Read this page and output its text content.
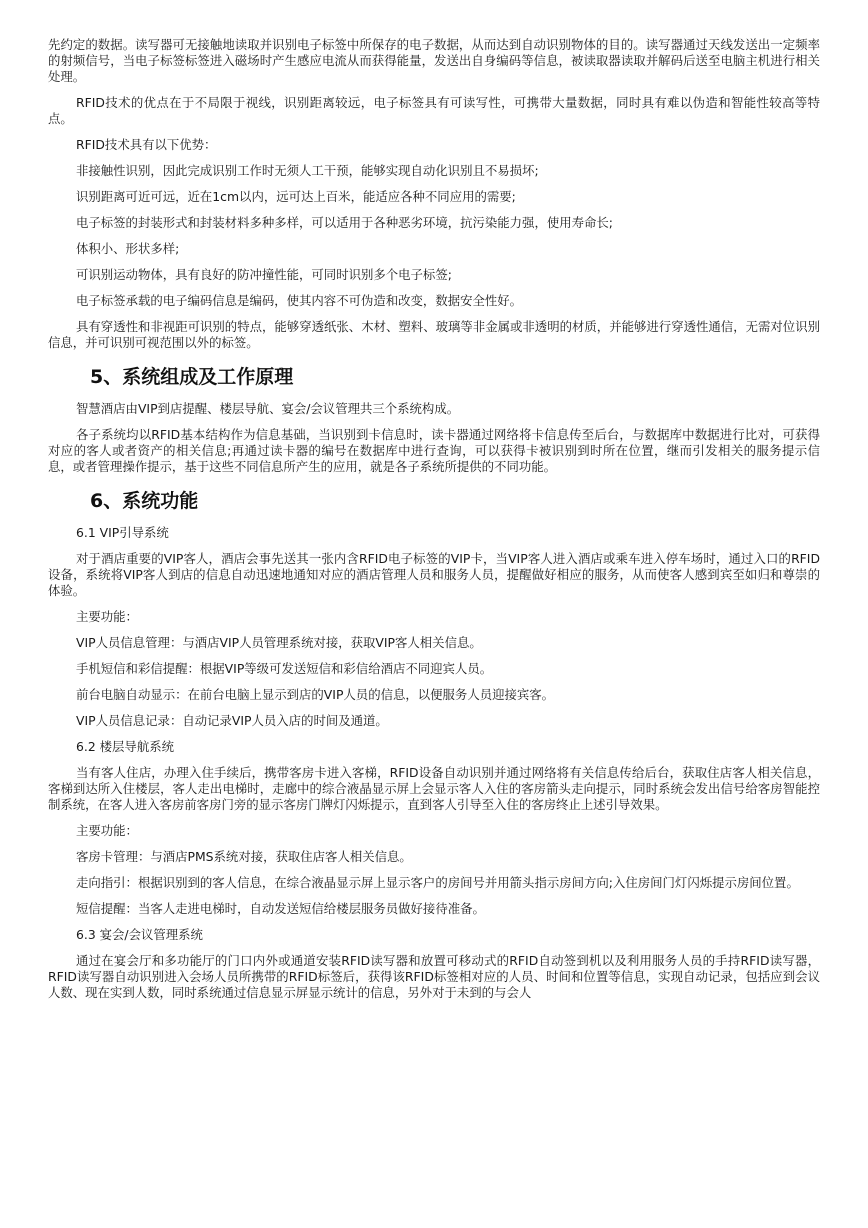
先约定的数据。读写器可无接触地读取并识别电子标签中所保存的电子数据，从而达到自动识别物体的目的。读写器通过天线发送出一定频率的射频信号，当电子标签标签进入磁场时产生感应电流从而获得能量，发送出自身编码等信息，被读取器读取并解码后送至电脑主机进行相关处理。

RFID技术的优点在于不局限于视线，识别距离较远，电子标签具有可读写性，可携带大量数据，同时具有难以伪造和智能性较高等特点。

RFID技术具有以下优势：

非接触性识别，因此完成识别工作时无须人工干预，能够实现自动化识别且不易损坏;

识别距离可近可远，近在1cm以内，远可达上百米，能适应各种不同应用的需要;

电子标签的封装形式和封装材料多种多样，可以适用于各种恶劣环境，抗污染能力强，使用寿命长;

体积小、形状多样;

可识别运动物体，具有良好的防冲撞性能，可同时识别多个电子标签;

电子标签承载的电子编码信息是编码，使其内容不可伪造和改变，数据安全性好。

具有穿透性和非视距可识别的特点，能够穿透纸张、木材、塑料、玻璃等非金属或非透明的材质，并能够进行穿透性通信，无需对位识别信息，并可识别可视范围以外的标签。

5、系统组成及工作原理

智慧酒店由VIP到店提醒、楼层导航、宴会/会议管理共三个系统构成。

各子系统均以RFID基本结构作为信息基础，当识别到卡信息时，读卡器通过网络将卡信息传至后台，与数据库中数据进行比对，可获得对应的客人或者资产的相关信息;再通过读卡器的编号在数据库中进行查询，可以获得卡被识别到时所在位置，继而引发相关的服务提示信息，或者管理操作提示，基于这些不同信息所产生的应用，就是各子系统所提供的不同功能。

6、系统功能

6.1 VIP引导系统

对于酒店重要的VIP客人，酒店会事先送其一张内含RFID电子标签的VIP卡，当VIP客人进入酒店或乘车进入停车场时，通过入口的RFID设备，系统将VIP客人到店的信息自动迅速地通知对应的酒店管理人员和服务人员，提醒做好相应的服务，从而使客人感到宾至如归和尊崇的体验。

主要功能：

VIP人员信息管理：与酒店VIP人员管理系统对接，获取VIP客人相关信息。

手机短信和彩信提醒：根据VIP等级可发送短信和彩信给酒店不同迎宾人员。

前台电脑自动显示：在前台电脑上显示到店的VIP人员的信息，以便服务人员迎接宾客。

VIP人员信息记录：自动记录VIP人员入店的时间及通道。

6.2 楼层导航系统

当有客人住店，办理入住手续后，携带客房卡进入客梯，RFID设备自动识别并通过网络将有关信息传给后台，获取住店客人相关信息，客梯到达所入住楼层，客人走出电梯时，走廊中的综合液晶显示屏上会显示客人入住的客房箭头走向提示，同时系统会发出信号给客房智能控制系统，在客人进入客房前客房门旁的显示客房门牌灯闪烁提示，直到客人引导至入住的客房终止上述引导效果。

主要功能：

客房卡管理：与酒店PMS系统对接，获取住店客人相关信息。

走向指引：根据识别到的客人信息，在综合液晶显示屏上显示客户的房间号并用箭头指示房间方向;入住房间门灯闪烁提示房间位置。

短信提醒：当客人走进电梯时，自动发送短信给楼层服务员做好接待准备。

6.3 宴会/会议管理系统

通过在宴会厅和多功能厅的门口内外或通道安装RFID读写器和放置可移动式的RFID自动签到机以及利用服务人员的手持RFID读写器，RFID读写器自动识别进入会场人员所携带的RFID标签后，获得该RFID标签相对应的人员、时间和位置等信息，实现自动记录，包括应到会议人数、现在实到人数，同时系统通过信息显示屏显示统计的信息，另外对于未到的与会人
